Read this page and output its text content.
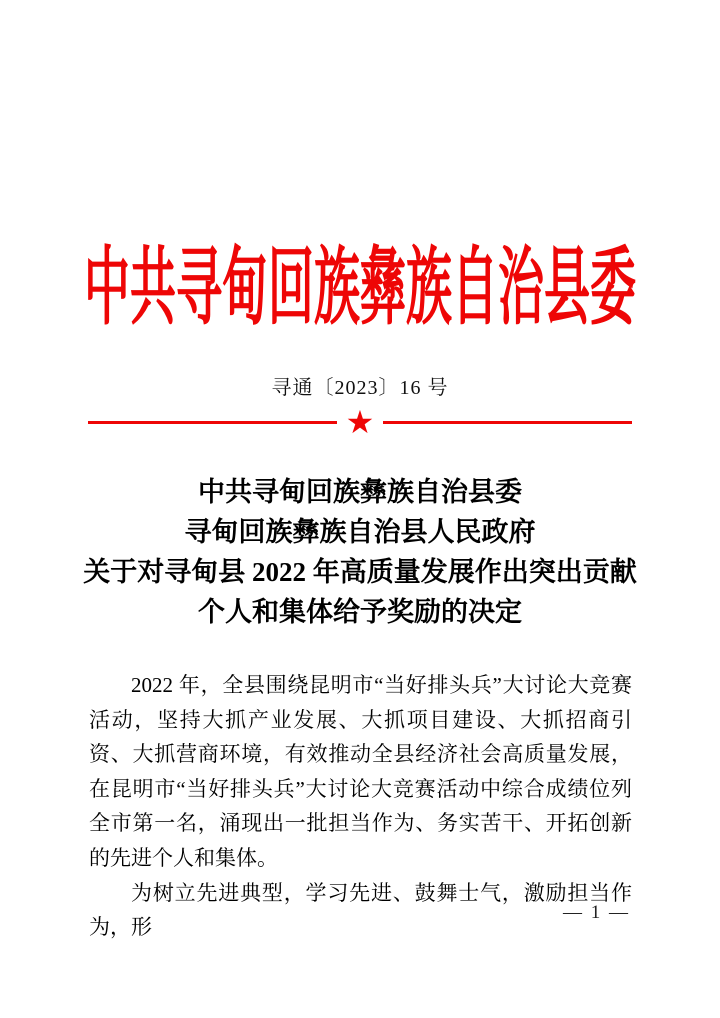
中共寻甸回族彝族自治县委
寻通〔2023〕16 号
★
中共寻甸回族彝族自治县委
寻甸回族彝族自治县人民政府
关于对寻甸县 2022 年高质量发展作出突出贡献
个人和集体给予奖励的决定

2022 年，全县围绕昆明市“当好排头兵”大讨论大竞赛活动，坚持大抓产业发展、大抓项目建设、大抓招商引资、大抓营商环境，有效推动全县经济社会高质量发展，在昆明市“当好排头兵”大讨论大竞赛活动中综合成绩位列全市第一名，涌现出一批担当作为、务实苦干、开拓创新的先进个人和集体。

为树立先进典型，学习先进、鼓舞士气，激励担当作为，形

— 1 —
